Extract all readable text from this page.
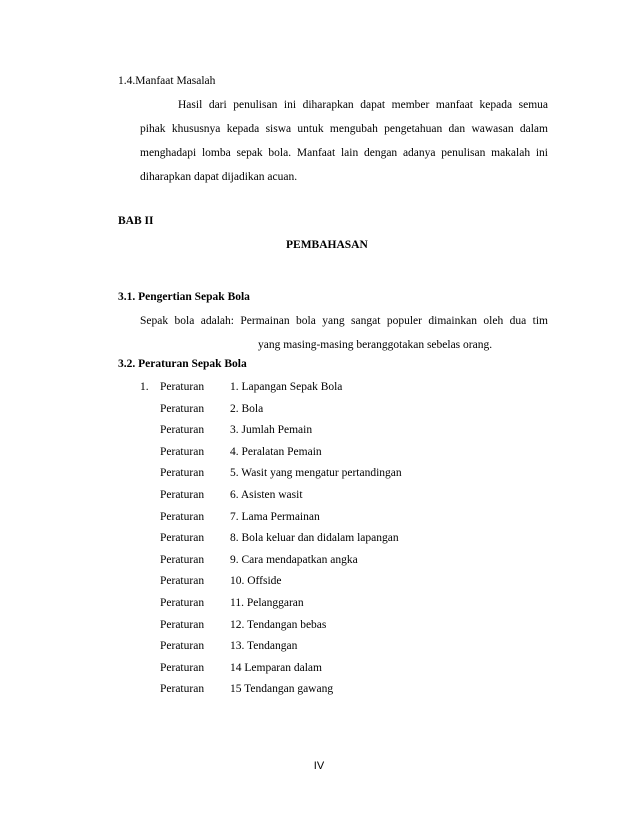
1.4.Manfaat Masalah
Hasil dari penulisan ini diharapkan dapat member manfaat kepada semua
pihak khususnya kepada siswa untuk mengubah pengetahuan dan wawasan dalam
menghadapi lomba sepak bola. Manfaat lain dengan adanya penulisan makalah ini
diharapkan dapat dijadikan acuan.
BAB II
PEMBAHASAN
3.1. Pengertian Sepak Bola
Sepak bola adalah: Permainan bola yang sangat populer dimainkan oleh dua tim
yang masing-masing beranggotakan sebelas orang.
3.2. Peraturan Sepak Bola
1. Peraturan 1. Lapangan Sepak Bola
Peraturan 2. Bola
Peraturan 3. Jumlah Pemain
Peraturan 4. Peralatan Pemain
Peraturan 5. Wasit yang mengatur pertandingan
Peraturan 6. Asisten wasit
Peraturan 7. Lama Permainan
Peraturan 8. Bola keluar dan didalam lapangan
Peraturan 9. Cara mendapatkan angka
Peraturan 10. Offside
Peraturan 11. Pelanggaran
Peraturan 12. Tendangan bebas
Peraturan 13. Tendangan
Peraturan 14 Lemparan dalam
Peraturan 15 Tendangan gawang
IV
